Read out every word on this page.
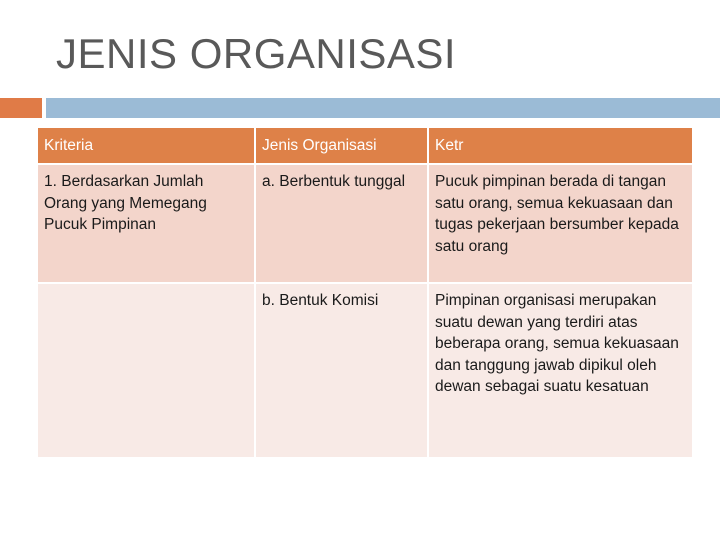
JENIS ORGANISASI
Kriteria	Jenis Organisasi	Ketr
1. Berdasarkan Jumlah Orang yang Memegang Pucuk Pimpinan	a. Berbentuk tunggal	Pucuk pimpinan berada di tangan satu orang, semua kekuasaan dan tugas pekerjaan bersumber kepada satu orang
	b. Bentuk Komisi	Pimpinan organisasi merupakan suatu dewan yang terdiri atas beberapa orang, semua kekuasaan dan tanggung jawab dipikul oleh dewan sebagai suatu kesatuan
